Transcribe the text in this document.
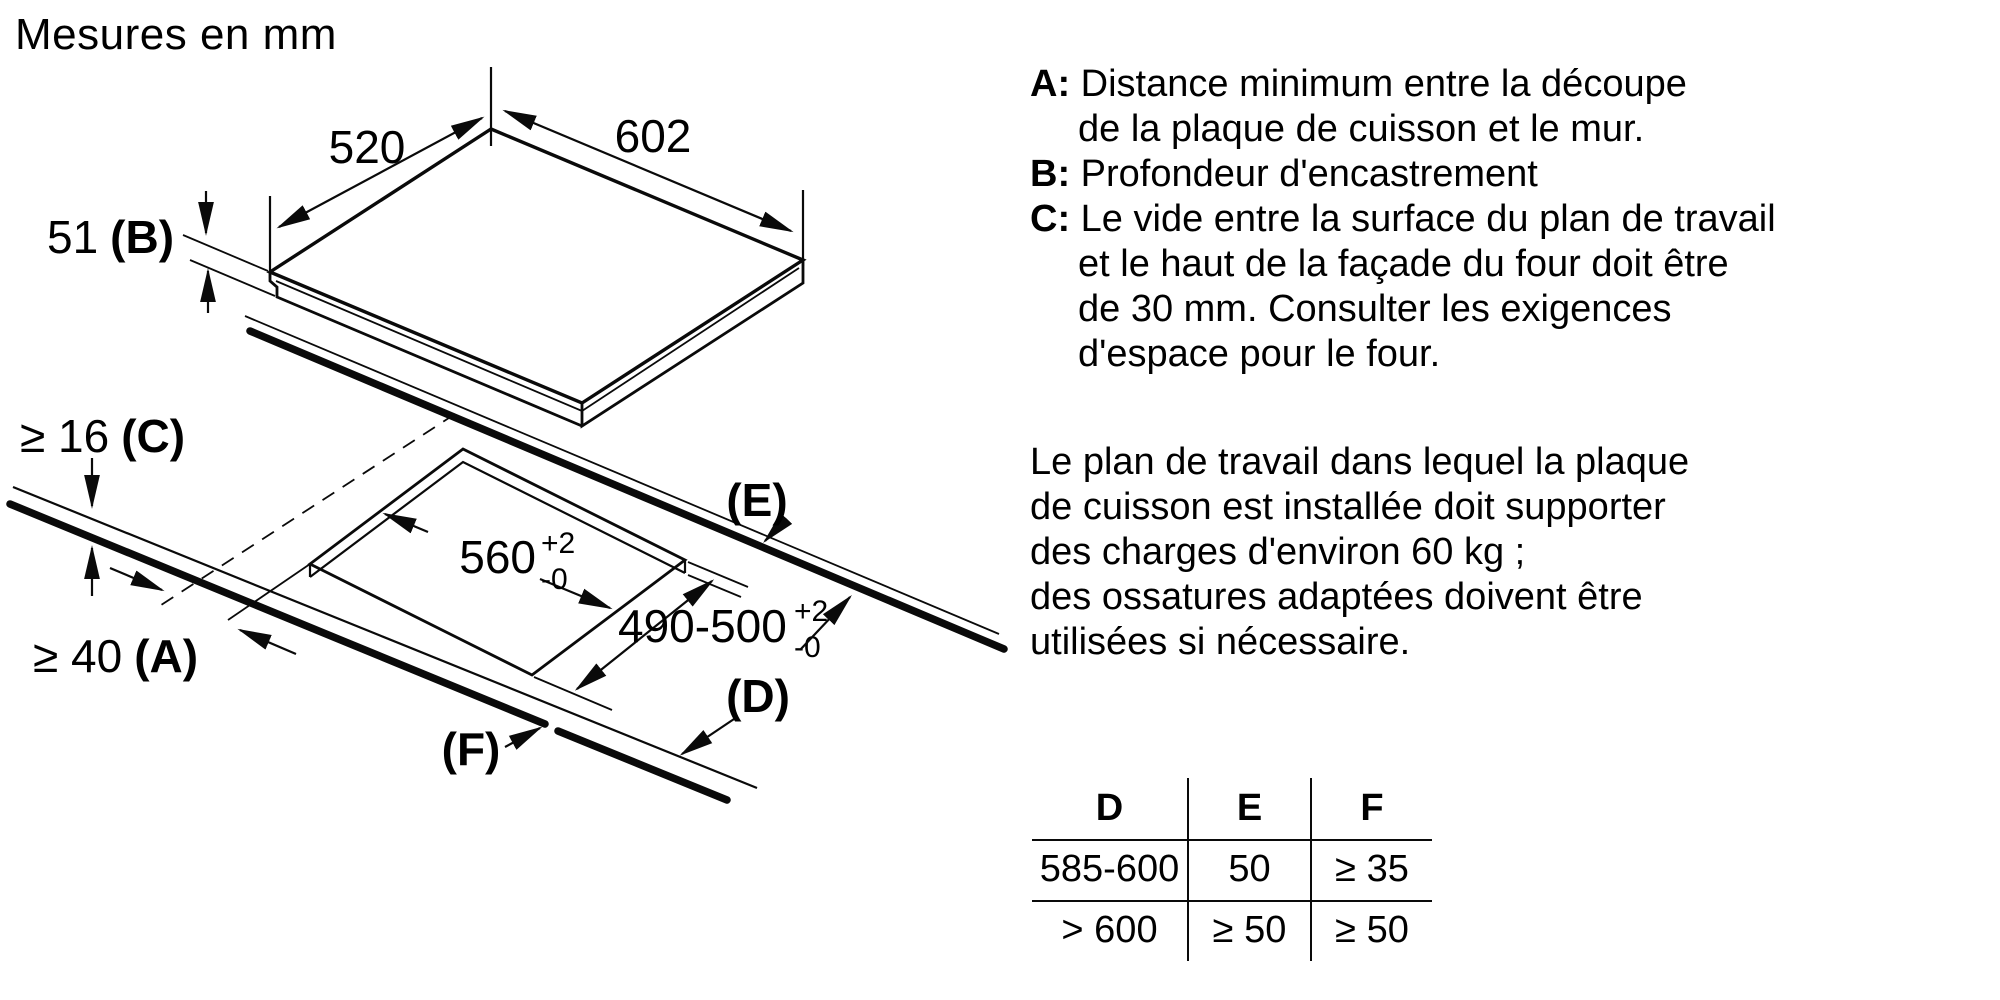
Mesures en mm
602
520
51 (B)
560 +2
-0
490-500 +2
-0
≥ 16 (C)
≥ 40 (A)
(E)
(D)
(F)
A: Distance minimum entre la découpe
de la plaque de cuisson et le mur.
B: Profondeur d'encastrement
C: Le vide entre la surface du plan de travail
et le haut de la façade du four doit être
de 30 mm. Consulter les exigences
d'espace pour le four.
Le plan de travail dans lequel la plaque
de cuisson est installée doit supporter
des charges d'environ 60 kg ;
des ossatures adaptées doivent être
utilisées si nécessaire.
D	E	F
585-600	50	≥ 35
> 600	≥ 50	≥ 50
